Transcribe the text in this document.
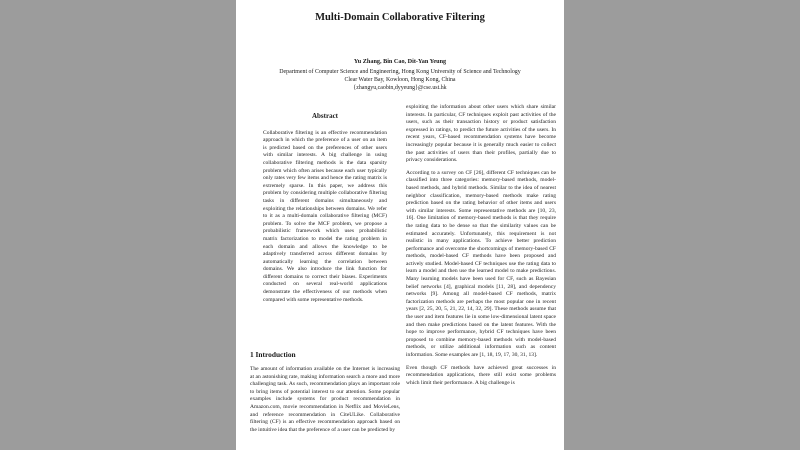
Multi-Domain Collaborative Filtering
Yu Zhang, Bin Cao, Dit-Yan Yeung
Department of Computer Science and Engineering, Hong Kong University of Science and Technology
Clear Water Bay, Kowloon, Hong Kong, China
{zhangyu,caobin,dyyeung}@cse.ust.hk

Abstract

Collaborative filtering is an effective recommendation approach in which the preference of a user on an item is predicted based on the preferences of other users with similar interests. A big challenge in using collaborative filtering methods is the data sparsity problem which often arises because each user typically only rates very few items and hence the rating matrix is extremely sparse. In this paper, we address this problem by considering multiple collaborative filtering tasks in different domains simultaneously and exploiting the relationships between domains. We refer to it as a multi-domain collaborative filtering (MCF) problem. To solve the MCF problem, we propose a probabilistic framework which uses probabilistic matrix factorization to model the rating problem in each domain and allows the knowledge to be adaptively transferred across different domains by automatically learning the correlation between domains. We also introduce the link function for different domains to correct their biases. Experiments conducted on several real-world applications demonstrate the effectiveness of our methods when compared with some representative methods.

1 Introduction

The amount of information available on the Internet is increasing at an astonishing rate, making information search a more and more challenging task. As such, recommendation plays an important role to bring items of potential interest to our attention. Some popular examples include systems for product recommendation in Amazon.com, movie recommendation in Netflix and MovieLens, and reference recommendation in CiteULike. Collaborative filtering (CF) is an effective recommendation approach based on the intuitive idea that the preference of a user can be predicted by

exploiting the information about other users which share similar interests. In particular, CF techniques exploit past activities of the users, such as their transaction history or product satisfaction expressed in ratings, to predict the future activities of the users. In recent years, CF-based recommendation systems have become increasingly popular because it is generally much easier to collect the past activities of users than their profiles, partially due to privacy considerations.

According to a survey on CF [26], different CF techniques can be classified into three categories: memory-based methods, model-based methods, and hybrid methods. Similar to the idea of nearest neighbor classification, memory-based methods make rating prediction based on the rating behavior of other items and users with similar interests. Some representative methods are [10, 23, 16]. One limitation of memory-based methods is that they require the rating data to be dense so that the similarity values can be estimated accurately. Unfortunately, this requirement is not realistic in many applications. To achieve better prediction performance and overcome the shortcomings of memory-based CF methods, model-based CF methods have been proposed and actively studied. Model-based CF techniques use the rating data to learn a model and then use the learned model to make predictions. Many learning models have been used for CF, such as Bayesian belief networks [4], graphical models [11, 28], and dependency networks [9]. Among all model-based CF methods, matrix factorization methods are perhaps the most popular one in recent years [2, 25, 20, 5, 21, 22, 14, 32, 29]. These methods assume that the user and item features lie in some low-dimensional latent space and then make predictions based on the latent features. With the hope to improve performance, hybrid CF techniques have been proposed to combine memory-based methods with model-based methods, or utilize additional information such as content information. Some examples are [1, 18, 19, 17, 30, 31, 13].

Even though CF methods have achieved great successes in recommendation applications, there still exist some problems which limit their performance. A big challenge is
